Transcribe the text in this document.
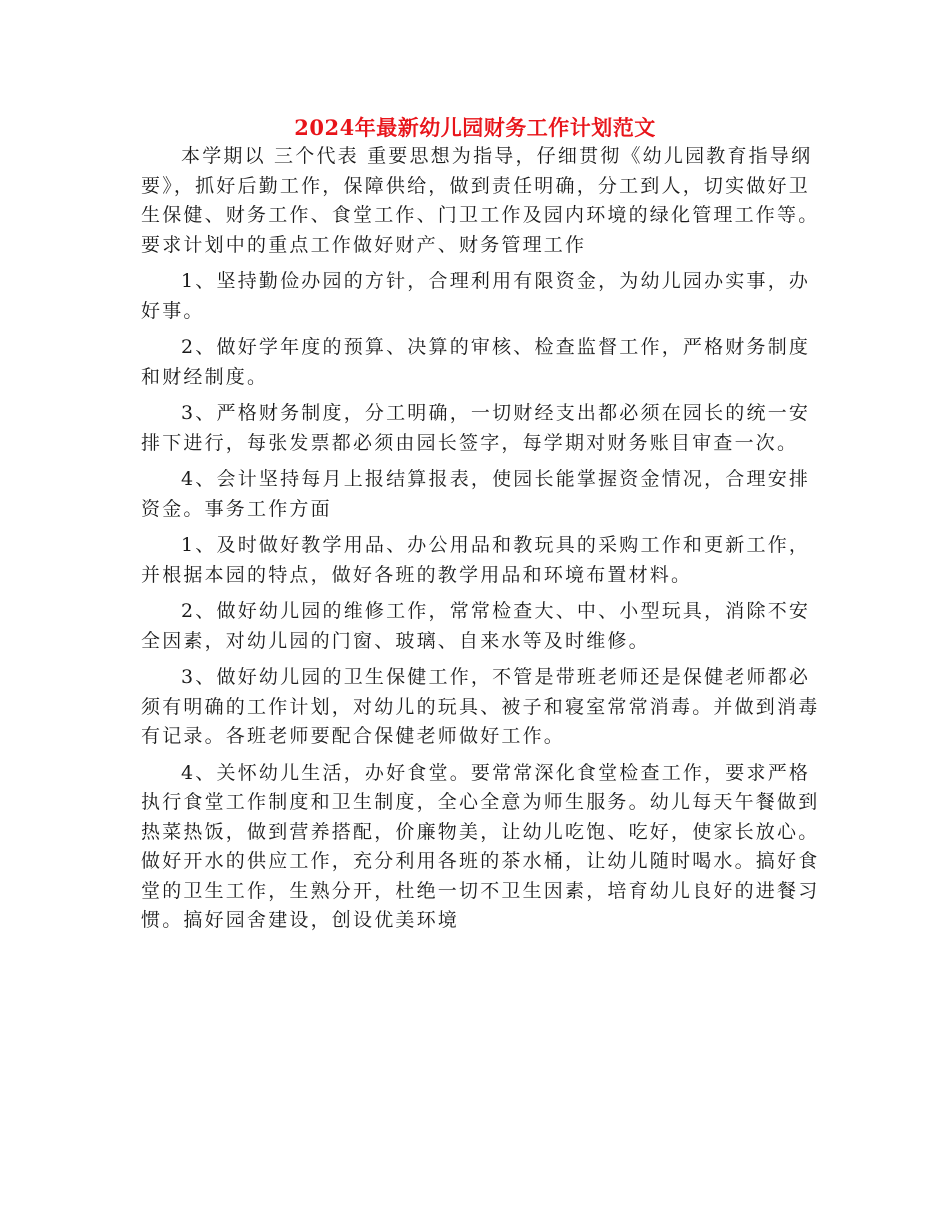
2024年最新幼儿园财务工作计划范文

本学期以 三个代表 重要思想为指导，仔细贯彻《幼儿园教育指导纲要》，抓好后勤工作，保障供给，做到责任明确，分工到人，切实做好卫生保健、财务工作、食堂工作、门卫工作及园内环境的绿化管理工作等。要求计划中的重点工作做好财产、财务管理工作

1、坚持勤俭办园的方针，合理利用有限资金，为幼儿园办实事，办好事。

2、做好学年度的预算、决算的审核、检查监督工作，严格财务制度和财经制度。

3、严格财务制度，分工明确，一切财经支出都必须在园长的统一安排下进行，每张发票都必须由园长签字，每学期对财务账目审查一次。

4、会计坚持每月上报结算报表，使园长能掌握资金情况，合理安排资金。事务工作方面

1、及时做好教学用品、办公用品和教玩具的采购工作和更新工作，并根据本园的特点，做好各班的教学用品和环境布置材料。

2、做好幼儿园的维修工作，常常检查大、中、小型玩具，消除不安全因素，对幼儿园的门窗、玻璃、自来水等及时维修。

3、做好幼儿园的卫生保健工作，不管是带班老师还是保健老师都必须有明确的工作计划，对幼儿的玩具、被子和寝室常常消毒。并做到消毒有记录。各班老师要配合保健老师做好工作。

4、关怀幼儿生活，办好食堂。要常常深化食堂检查工作，要求严格执行食堂工作制度和卫生制度，全心全意为师生服务。幼儿每天午餐做到热菜热饭，做到营养搭配，价廉物美，让幼儿吃饱、吃好，使家长放心。做好开水的供应工作，充分利用各班的茶水桶，让幼儿随时喝水。搞好食堂的卫生工作，生熟分开，杜绝一切不卫生因素，培育幼儿良好的进餐习惯。搞好园舍建设，创设优美环境
